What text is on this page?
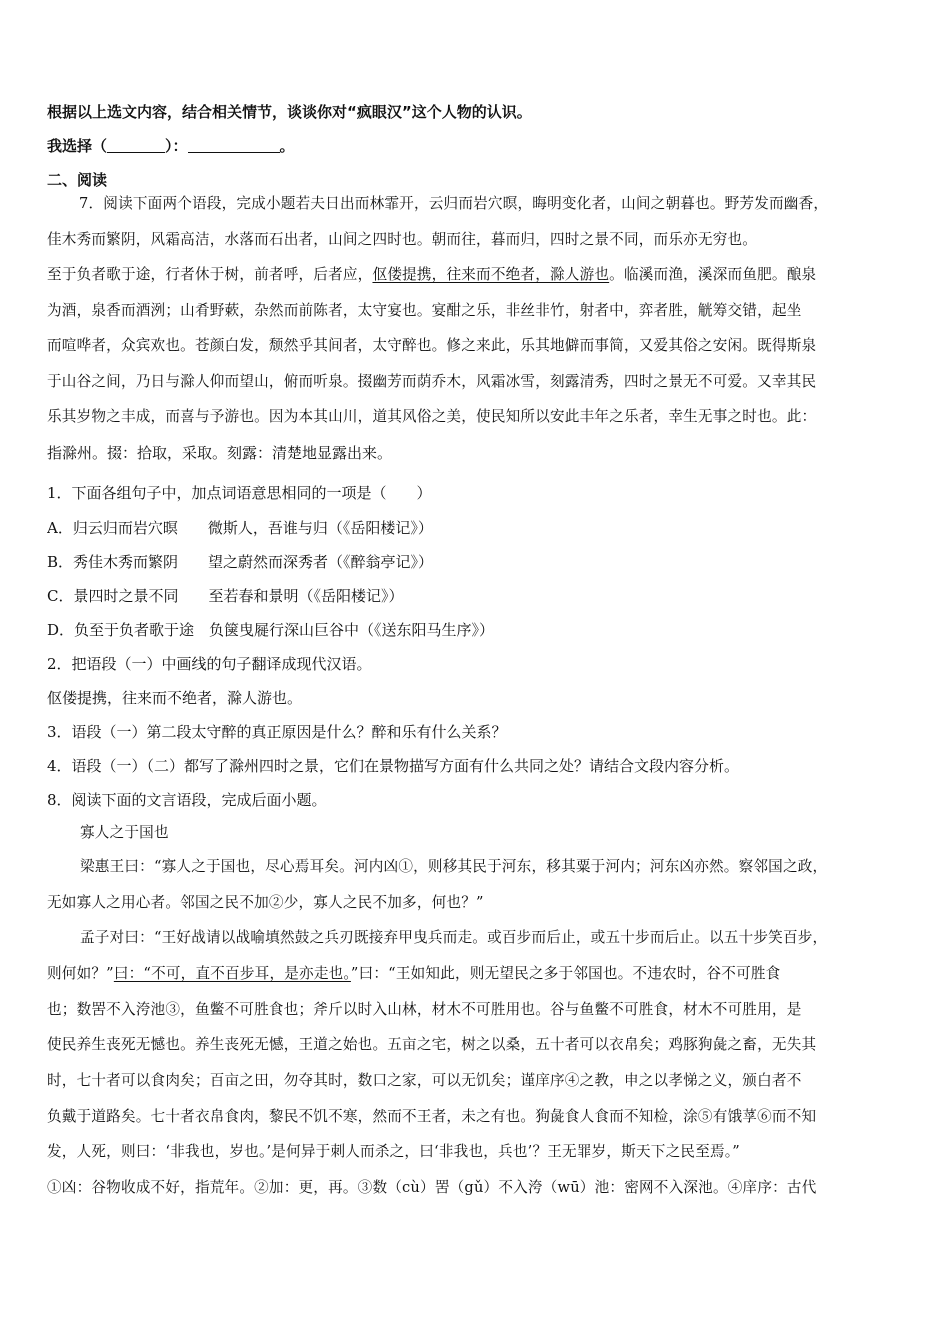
根据以上选文内容，结合相关情节，谈谈你对“疯眼汉”这个人物的认识。
我选择（	）：	。
二、阅读
7．阅读下面两个语段，完成小题若夫日出而林霏开，云归而岩穴暝，晦明变化者，山间之朝暮也。野芳发而幽香，
佳木秀而繁阴，风霜高洁，水落而石出者，山间之四时也。朝而往，暮而归，四时之景不同，而乐亦无穷也。
至于负者歌于途，行者休于树，前者呼，后者应，伛偻提携，往来而不绝者，滁人游也。临溪而渔，溪深而鱼肥。酿泉
为酒，泉香而酒洌；山肴野蔌，杂然而前陈者，太守宴也。宴酣之乐，非丝非竹，射者中，弈者胜，觥筹交错，起坐
而喧哗者，众宾欢也。苍颜白发，颓然乎其间者，太守醉也。修之来此，乐其地僻而事简，又爱其俗之安闲。既得斯泉
于山谷之间，乃日与滁人仰而望山，俯而听泉。掇幽芳而荫乔木，风霜冰雪，刻露清秀，四时之景无不可爱。又幸其民
乐其岁物之丰成，而喜与予游也。因为本其山川，道其风俗之美，使民知所以安此丰年之乐者，幸生无事之时也。此：
指滁州。掇：拾取，采取。刻露：清楚地显露出来。
1．下面各组句子中，加点词语意思相同的一项是（　　）
A．归云归而岩穴暝　　微斯人，吾谁与归（《岳阳楼记》）
B．秀佳木秀而繁阴　　望之蔚然而深秀者（《醉翁亭记》）
C．景四时之景不同　　至若春和景明（《岳阳楼记》）
D．负至于负者歌于途　负箧曳屣行深山巨谷中（《送东阳马生序》）
2．把语段（一）中画线的句子翻译成现代汉语。
伛偻提携，往来而不绝者，滁人游也。
3．语段（一）第二段太守醉的真正原因是什么？醉和乐有什么关系？
4．语段（一）（二）都写了滁州四时之景，它们在景物描写方面有什么共同之处？请结合文段内容分析。
8．阅读下面的文言语段，完成后面小题。
寡人之于国也
梁惠王曰：“寡人之于国也，尽心焉耳矣。河内凶①，则移其民于河东，移其粟于河内；河东凶亦然。察邻国之政，
无如寡人之用心者。邻国之民不加②少，寡人之民不加多，何也？”
孟子对曰：“王好战请以战喻填然鼓之兵刃既接弃甲曳兵而走。或百步而后止，或五十步而后止。以五十步笑百步，
则何如？”曰：“不可，直不百步耳，是亦走也。”曰：“王如知此，则无望民之多于邻国也。不违农时，谷不可胜食
也；数罟不入洿池③，鱼鳖不可胜食也；斧斤以时入山林，材木不可胜用也。谷与鱼鳖不可胜食，材木不可胜用，是
使民养生丧死无憾也。养生丧死无憾，王道之始也。五亩之宅，树之以桑，五十者可以衣帛矣；鸡豚狗彘之畜，无失其
时，七十者可以食肉矣；百亩之田，勿夺其时，数口之家，可以无饥矣；谨庠序④之教，申之以孝悌之义，颁白者不
负戴于道路矣。七十者衣帛食肉，黎民不饥不寒，然而不王者，未之有也。狗彘食人食而不知检，涂⑤有饿莩⑥而不知
发，人死，则曰：‘非我也，岁也。’是何异于刺人而杀之，曰‘非我也，兵也’？王无罪岁，斯天下之民至焉。”
①凶：谷物收成不好，指荒年。②加：更，再。③数（cù）罟（gǔ）不入洿（wū）池：密网不入深池。④庠序：古代
